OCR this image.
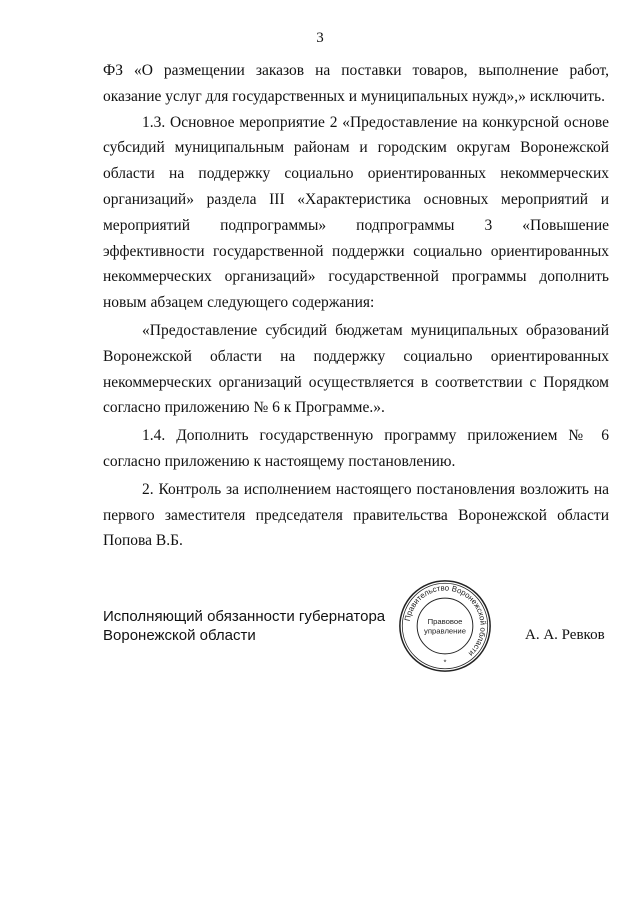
3

ФЗ «О размещении заказов на поставки товаров, выполнение работ, оказание услуг для государственных и муниципальных нужд»,» исключить.

1.3. Основное мероприятие 2 «Предоставление на конкурсной основе субсидий муниципальным районам и городским округам Воронежской области на поддержку социально ориентированных некоммерческих организаций» раздела III «Характеристика основных мероприятий и мероприятий подпрограммы» подпрограммы 3 «Повышение эффективности государственной поддержки социально ориентированных некоммерческих организаций» государственной программы дополнить новым абзацем следующего содержания:

«Предоставление субсидий бюджетам муниципальных образований Воронежской области на поддержку социально ориентированных некоммерческих организаций осуществляется в соответствии с Порядком согласно приложению № 6 к Программе.».

1.4. Дополнить государственную программу приложением № 6 согласно приложению к настоящему постановлению.

2. Контроль за исполнением настоящего постановления возложить на первого заместителя председателя правительства Воронежской области Попова В.Б.

Исполняющий обязанности губернатора
Воронежской области
Правительство Воронежской области
Правовое
управление
*
А. А. Ревков
